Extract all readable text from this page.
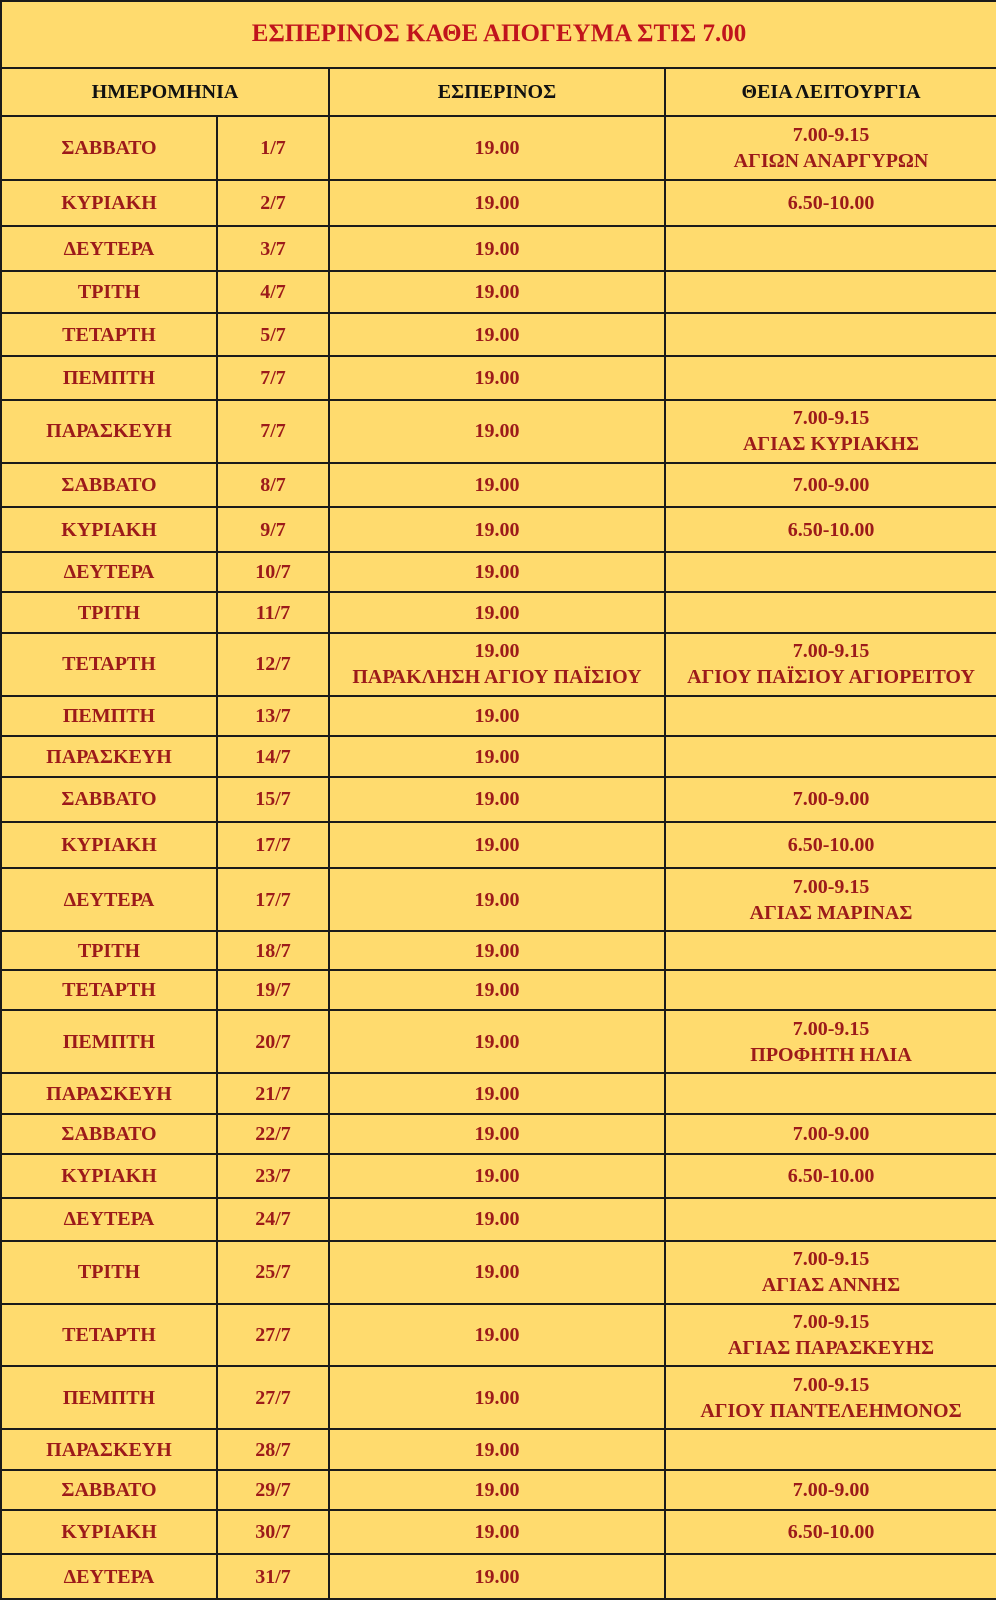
ΕΣΠΕΡΙΝΟΣ ΚΑΘΕ ΑΠΟΓΕΥΜΑ ΣΤΙΣ 7.00			
ΗΜΕΡΟΜΗΝΙΑ		ΕΣΠΕΡΙΝΟΣ	ΘΕΙΑ ΛΕΙΤΟΥΡΓΙΑ

ΣΑΒΒΑΤΟ	1/7	19.00	7.00-9.15
ΑΓΙΩΝ ΑΝΑΡΓΥΡΩΝ

ΚΥΡΙΑΚΗ	2/7	19.00	6.50-10.00

ΔΕΥΤΕΡΑ	3/7	19.00	

ΤΡΙΤΗ	4/7	19.00	

ΤΕΤΑΡΤΗ	5/7	19.00	

ΠΕΜΠΤΗ	7/7	19.00	

ΠΑΡΑΣΚΕΥΗ	7/7	19.00	7.00-9.15
ΑΓΙΑΣ ΚΥΡΙΑΚΗΣ

ΣΑΒΒΑΤΟ	8/7	19.00	7.00-9.00

ΚΥΡΙΑΚΗ	9/7	19.00	6.50-10.00

ΔΕΥΤΕΡΑ	10/7	19.00	

ΤΡΙΤΗ	11/7	19.00	

ΤΕΤΑΡΤΗ	12/7	19.00
ΠΑΡΑΚΛΗΣΗ ΑΓΙΟΥ ΠΑΪΣΙΟΥ	7.00-9.15
ΑΓΙΟΥ ΠΑΪΣΙΟΥ ΑΓΙΟΡΕΙΤΟΥ

ΠΕΜΠΤΗ	13/7	19.00	

ΠΑΡΑΣΚΕΥΗ	14/7	19.00	

ΣΑΒΒΑΤΟ	15/7	19.00	7.00-9.00

ΚΥΡΙΑΚΗ	17/7	19.00	6.50-10.00

ΔΕΥΤΕΡΑ	17/7	19.00	7.00-9.15
ΑΓΙΑΣ ΜΑΡΙΝΑΣ

ΤΡΙΤΗ	18/7	19.00	

ΤΕΤΑΡΤΗ	19/7	19.00	

ΠΕΜΠΤΗ	20/7	19.00	7.00-9.15
ΠΡΟΦΗΤΗ ΗΛΙΑ

ΠΑΡΑΣΚΕΥΗ	21/7	19.00	

ΣΑΒΒΑΤΟ	22/7	19.00	7.00-9.00

ΚΥΡΙΑΚΗ	23/7	19.00	6.50-10.00

ΔΕΥΤΕΡΑ	24/7	19.00	

ΤΡΙΤΗ	25/7	19.00	7.00-9.15
ΑΓΙΑΣ ΑΝΝΗΣ

ΤΕΤΑΡΤΗ	27/7	19.00	7.00-9.15
ΑΓΙΑΣ ΠΑΡΑΣΚΕΥΗΣ

ΠΕΜΠΤΗ	27/7	19.00	7.00-9.15
ΑΓΙΟΥ ΠΑΝΤΕΛΕΗΜΟΝΟΣ

ΠΑΡΑΣΚΕΥΗ	28/7	19.00	

ΣΑΒΒΑΤΟ	29/7	19.00	7.00-9.00

ΚΥΡΙΑΚΗ	30/7	19.00	6.50-10.00

ΔΕΥΤΕΡΑ	31/7	19.00	
